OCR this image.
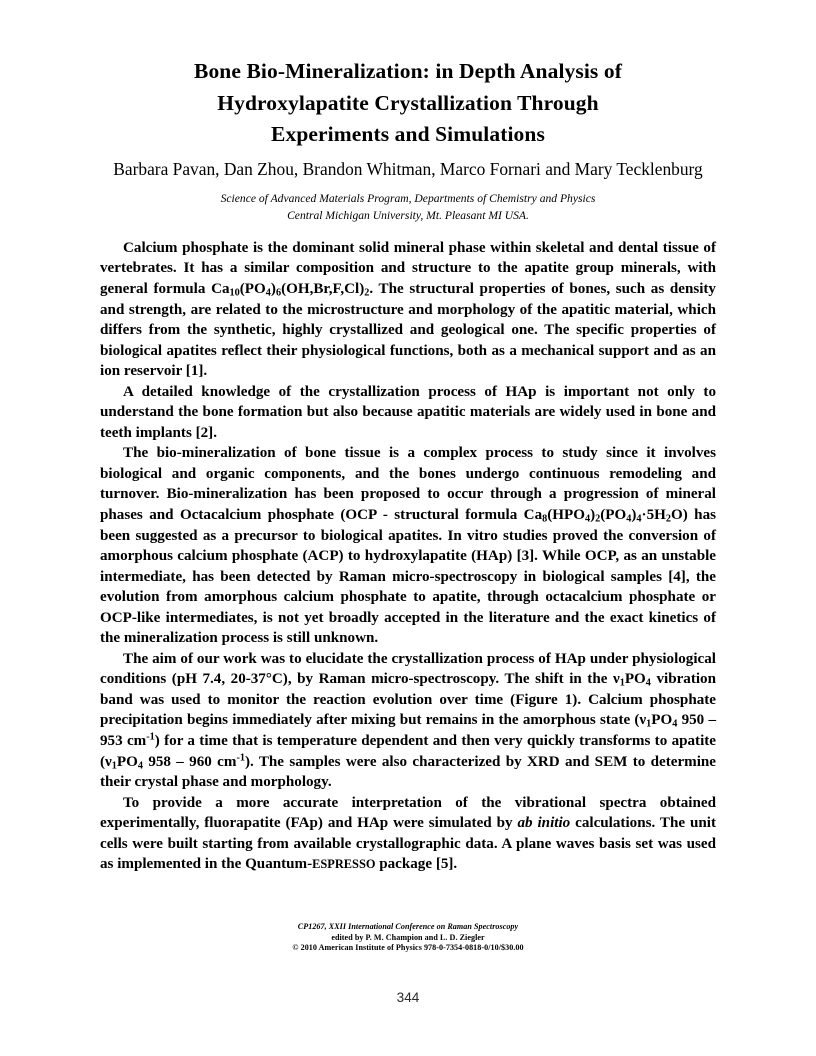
Bone Bio-Mineralization: in Depth Analysis of
Hydroxylapatite Crystallization Through
Experiments and Simulations
Barbara Pavan, Dan Zhou, Brandon Whitman, Marco Fornari and Mary Tecklenburg
Science of Advanced Materials Program, Departments of Chemistry and Physics
Central Michigan University, Mt. Pleasant MI USA.

Calcium phosphate is the dominant solid mineral phase within skeletal and dental tissue of vertebrates. It has a similar composition and structure to the apatite group minerals, with general formula $Ca_{10}(PO_4)_6(OH,Br,F,Cl)_2$. The structural properties of bones, such as density and strength, are related to the microstructure and morphology of the apatitic material, which differs from the synthetic, highly crystallized and geological one. The specific properties of biological apatites reflect their physiological functions, both as a mechanical support and as an ion reservoir [1].

A detailed knowledge of the crystallization process of HAp is important not only to understand the bone formation but also because apatitic materials are widely used in bone and teeth implants [2].

The bio-mineralization of bone tissue is a complex process to study since it involves biological and organic components, and the bones undergo continuous remodeling and turnover. Bio-mineralization has been proposed to occur through a progression of mineral phases and Octacalcium phosphate (OCP - structural formula $Ca_8(HPO_4)_2(PO_4)_4\cdot 5H_2O$) has been suggested as a precursor to biological apatites. In vitro studies proved the conversion of amorphous calcium phosphate (ACP) to hydroxylapatite (HAp) [3]. While OCP, as an unstable intermediate, has been detected by Raman micro-spectroscopy in biological samples [4], the evolution from amorphous calcium phosphate to apatite, through octacalcium phosphate or OCP-like intermediates, is not yet broadly accepted in the literature and the exact kinetics of the mineralization process is still unknown.

The aim of our work was to elucidate the crystallization process of HAp under physiological conditions (pH 7.4, 20-37°C), by Raman micro-spectroscopy. The shift in the $\nu_1PO_4$ vibration band was used to monitor the reaction evolution over time (Figure 1). Calcium phosphate precipitation begins immediately after mixing but remains in the amorphous state ($\nu_1PO_4$ 950 – 953 $cm^{-1}$) for a time that is temperature dependent and then very quickly transforms to apatite ($\nu_1PO_4$ 958 – 960 $cm^{-1}$). The samples were also characterized by XRD and SEM to determine their crystal phase and morphology.

To provide a more accurate interpretation of the vibrational spectra obtained experimentally, fluorapatite (FAp) and HAp were simulated by ab initio calculations. The unit cells were built starting from available crystallographic data. A plane waves basis set was used as implemented in the Quantum-ESPRESSO package [5].

CP1267, XXII International Conference on Raman Spectroscopy
edited by P. M. Champion and L. D. Ziegler
© 2010 American Institute of Physics 978-0-7354-0818-0/10/$30.00
344
